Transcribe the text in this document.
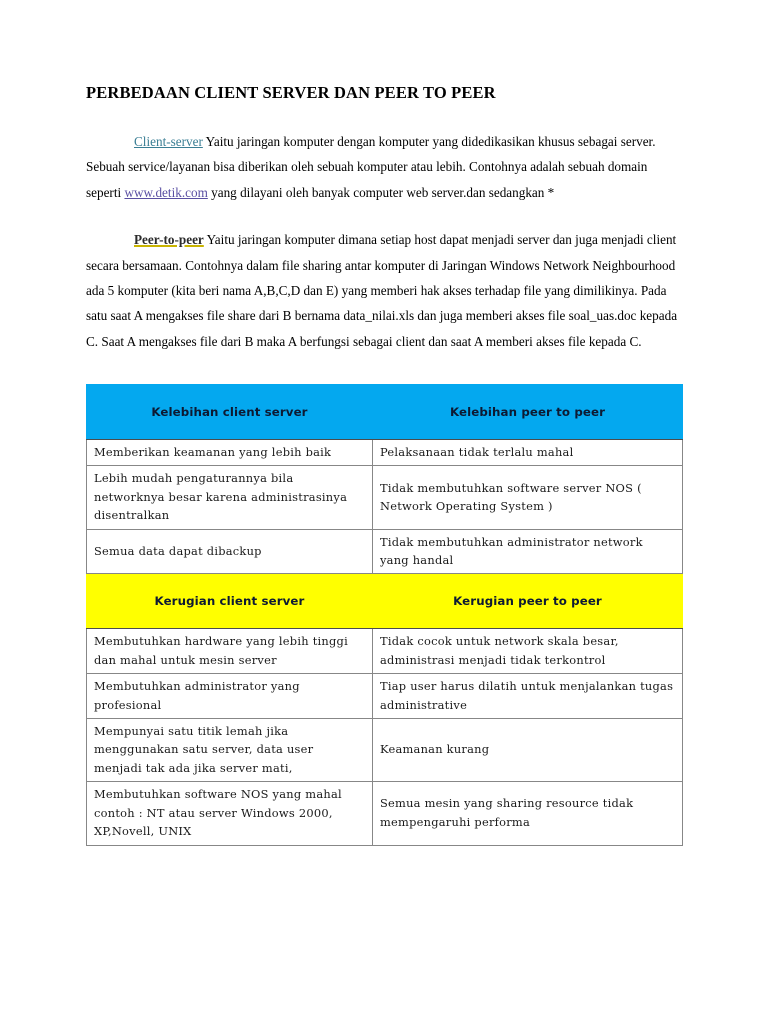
PERBEDAAN CLIENT SERVER DAN PEER TO PEER

Client-server Yaitu jaringan komputer dengan komputer yang didedikasikan khusus sebagai server. Sebuah service/layanan bisa diberikan oleh sebuah komputer atau lebih. Contohnya adalah sebuah domain seperti www.detik.com yang dilayani oleh banyak computer web server.dan sedangkan *

Peer-to-peer Yaitu jaringan komputer dimana setiap host dapat menjadi server dan juga menjadi client secara bersamaan. Contohnya dalam file sharing antar komputer di Jaringan Windows Network Neighbourhood ada 5 komputer (kita beri nama A,B,C,D dan E) yang memberi hak akses terhadap file yang dimilikinya. Pada satu saat A mengakses file share dari B bernama data_nilai.xls dan juga memberi akses file soal_uas.doc kepada C. Saat A mengakses file dari B maka A berfungsi sebagai client dan saat A memberi akses file kepada C.

Kelebihan client server	Kelebihan peer to peer
Memberikan keamanan yang lebih baik	Pelaksanaan tidak terlalu mahal
Lebih mudah pengaturannya bila networknya besar karena administrasinya disentralkan	Tidak membutuhkan software server NOS ( Network Operating System )
Semua data dapat dibackup	Tidak membutuhkan administrator network yang handal
Kerugian client server	Kerugian peer to peer
Membutuhkan hardware yang lebih tinggi dan mahal untuk mesin server	Tidak cocok untuk network skala besar, administrasi menjadi tidak terkontrol
Membutuhkan administrator yang profesional	Tiap user harus dilatih untuk menjalankan tugas administrative
Mempunyai satu titik lemah jika menggunakan satu server, data user menjadi tak ada jika server mati,	Keamanan kurang
Membutuhkan software NOS yang mahal contoh : NT atau server Windows 2000, XP,Novell, UNIX	Semua mesin yang sharing resource tidak mempengaruhi performa
